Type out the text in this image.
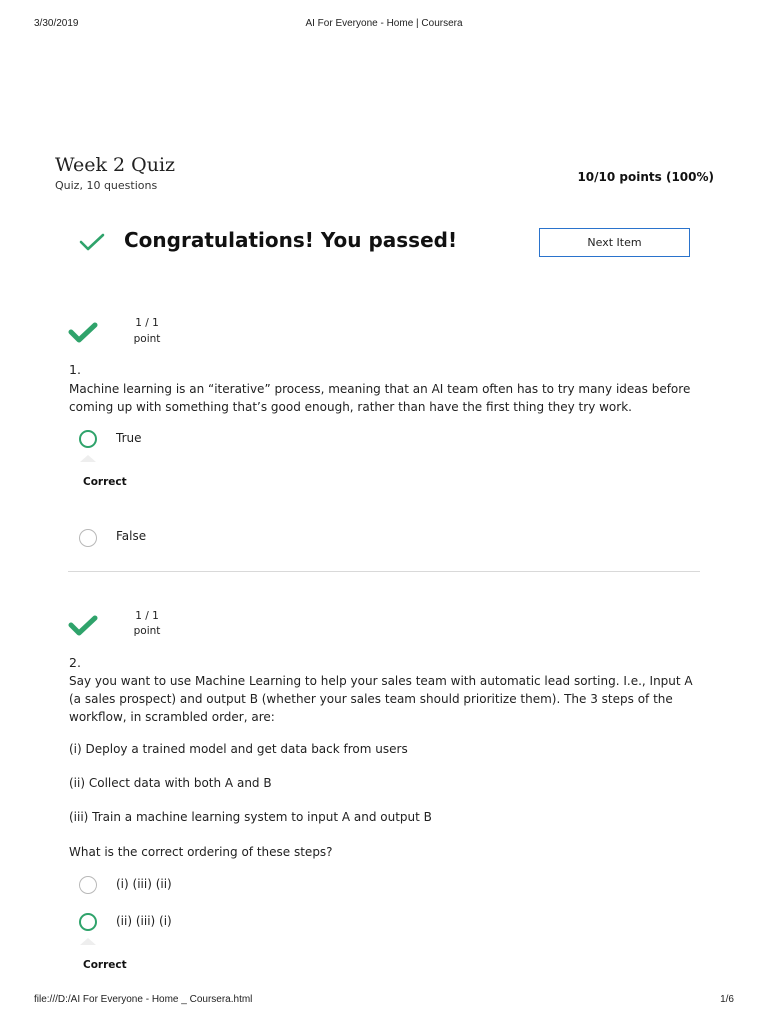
3/30/2019	AI For Everyone - Home | Coursera
Week 2 Quiz
Quiz, 10 questions
10/10 points (100%)
Congratulations! You passed!	Next Item
1 / 1
point
1.
Machine learning is an “iterative” process, meaning that an AI team often has to try many ideas before coming up with something that’s good enough, rather than have the first thing they try work.
True
Correct
False
1 / 1
point
2.
Say you want to use Machine Learning to help your sales team with automatic lead sorting. I.e., Input A (a sales prospect) and output B (whether your sales team should prioritize them). The 3 steps of the workflow, in scrambled order, are:
(i) Deploy a trained model and get data back from users
(ii) Collect data with both A and B
(iii) Train a machine learning system to input A and output B
What is the correct ordering of these steps?
(i) (iii) (ii)
(ii) (iii) (i)
Correct
file:///D:/AI For Everyone - Home _ Coursera.html	1/6
